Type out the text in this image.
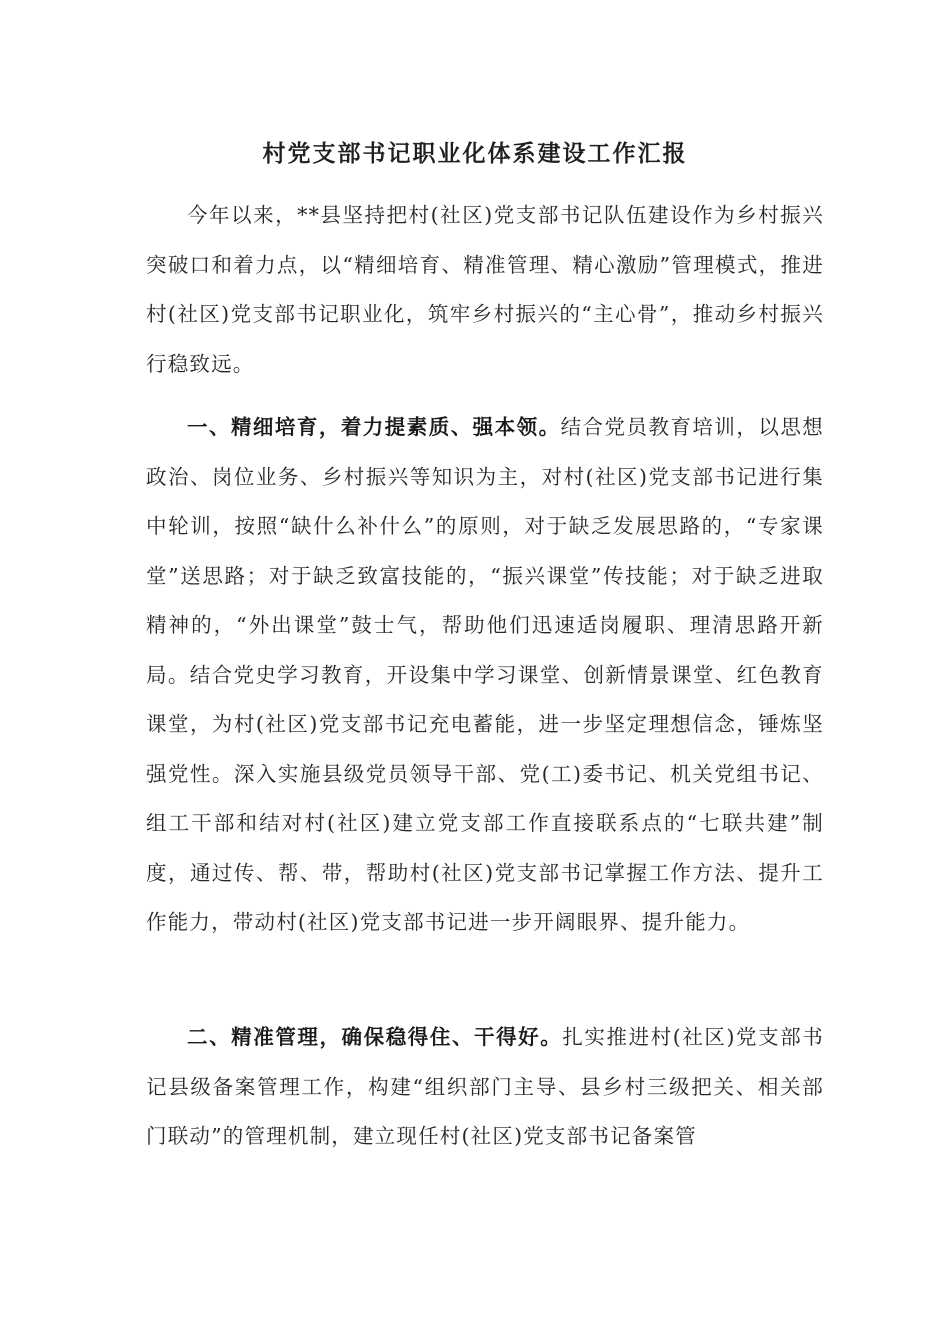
村党支部书记职业化体系建设工作汇报

今年以来，**县坚持把村(社区)党支部书记队伍建设作为乡村振兴突破口和着力点，以“精细培育、精准管理、精心激励”管理模式，推进村(社区)党支部书记职业化，筑牢乡村振兴的“主心骨”，推动乡村振兴行稳致远。

一、精细培育，着力提素质、强本领。结合党员教育培训，以思想政治、岗位业务、乡村振兴等知识为主，对村(社区)党支部书记进行集中轮训，按照“缺什么补什么”的原则，对于缺乏发展思路的，“专家课堂”送思路；对于缺乏致富技能的，“振兴课堂”传技能；对于缺乏进取精神的，“外出课堂”鼓士气，帮助他们迅速适岗履职、理清思路开新局。结合党史学习教育，开设集中学习课堂、创新情景课堂、红色教育课堂，为村(社区)党支部书记充电蓄能，进一步坚定理想信念，锤炼坚强党性。深入实施县级党员领导干部、党(工)委书记、机关党组书记、组工干部和结对村(社区)建立党支部工作直接联系点的“七联共建”制度，通过传、帮、带，帮助村(社区)党支部书记掌握工作方法、提升工作能力，带动村(社区)党支部书记进一步开阔眼界、提升能力。

二、精准管理，确保稳得住、干得好。扎实推进村(社区)党支部书记县级备案管理工作，构建“组织部门主导、县乡村三级把关、相关部门联动”的管理机制，建立现任村(社区)党支部书记备案管
